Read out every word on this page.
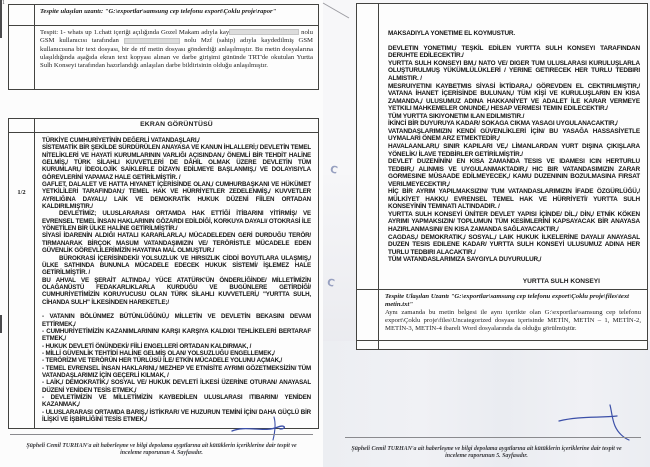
1
Tespite ulaşılan uzantı: "G:\exportlar\samsung cep telefonu export\Çoklu proje\rapor"
Tespit: 1- whats up 1.chatt içeriği açılığında Gozel Makam adıyla kay	nolu GSM kullanıcısı tarafından	nolu Mzf (sahip) adıyla kaydedilmiş GSM kullanıcısına bir text dosyası, bir de rtf metin dosyası gönderdiği anlaşılmıştır. Bu metin dosyalarına ulaşıldığında aşağıda ekran text kopyası alınan ve darbe girişimi gününde TRT'de okutulan Yurtta Sulh Konseyi tarafından hazırlandığı anlaşılan darbe bildirisinin olduğu anlaşılmıştır.
EKRAN GÖRÜNTÜSÜ
1/2
TÜRKİYE CUMHURİYETİNİN DEĞERLİ VATANDAŞLARI,/
SİSTEMATİK BİR ŞEKİLDE SÜRDÜRÜLEN ANAYASA VE KANUN İHLALLERİ;/ DEVLETİN TEMEL NİTELİKLERİ VE HAYATİ KURUMLARININ VARLIĞI AÇISINDAN,/ ÖNEMLİ BİR TEHDİT HALİNE GELMİŞ,/ TÜRK SİLAHLI KUVVETLERİ DE DÂHİL OLMAK ÜZERE DEVLETİN TÜM KURUMLARI,/ İDEOLOJİK SAİKLERLE DİZAYN EDİLMEYE BAŞLANMIŞ,/ VE DOLAYISIYLA GÖREVLERİNİ YAPAMAZ HALE GETİRİLMİŞTİR. /
GAFLET, DALALET VE HATTA HIYANET İÇERİSİNDE OLAN,/ CUMHURBAŞKANI VE HÜKÜMET YETKİLİLERİ TARAFINDAN;/ TEMEL HAK VE HÜRRİYETLER ZEDELENMİŞ,/ KUVVETLER AYRILIĞINA DAYALI,/ LAİK VE DEMOKRATİK HUKUK DÜZENİ FİİLEN ORTADAN KALDIRILMIŞTIR./
DEVLETİMİZ; ULUSLARARASI ORTAMDA HAK ETTİĞİ İTİBARINI YİTİRMİŞ/ VE EVRENSEL TEMEL İNSAN HAKLARININ GÖZARDI EDİLDİĞİ, KORKUYA DAYALI/ OTOKRASİ İLE YÖNETİLEN BİR ÜLKE HALİNE GETİRİLMİŞTİR./
SİYASİ İDARENİN ALDIĞI HATALI KARARLARLA,/ MÜCADELEDEN GERİ DURDUĞU TERÖR/ TIRMANARAK BİRÇOK MASUM VATANDAŞIMIZIN VE/ TERÖRİSTLE MÜCADELE EDEN GÜVENLİK GÖREVLİLERİMİZİN HAYATINA MAL OLMUŞTUR./
BÜROKRASİ İÇERİSİNDEKİ/ YOLSUZLUK VE HIRSIZLIK CİDDİ BOYUTLARA ULAŞMIŞ,/ ÜLKE SATHINDA BUNUNLA MÜCADELE EDECEK HUKUK SİSTEMİ/ İŞLEMEZ HALE GETİRİLMİŞTİR. /
BU AHVAL VE ŞERAİT ALTINDA,/ YÜCE ATATÜRK'ÜN ÖNDERLİĞİNDE/ MİLLETİMİZİN OLAĞANÜSTÜ FEDAKARLIKLARLA KURDUĞU VE BUGÜNLERE GETİRDİĞİ/ CUMHURİYETİMİZİN KORUYUCUSU OLAN TÜRK SİLAHLI KUVVETLERİ,/ "YURTTA SULH, CİHANDA SULH" İLKESİNDEN HAREKETLE;/
- VATANIN BÖLÜNMEZ BÜTÜNLÜĞÜNÜ,/ MİLLETİN VE DEVLETİN BEKASINI DEVAM ETTİRMEK,/
- CUMHURİYETİMİZİN KAZANIMLARININ/ KARŞI KARŞIYA KALDIGI TEHLİKELERİ BERTARAF ETMEK,/
- HUKUK DEVLETİ ÖNÜNDEKİ/ FİİLİ ENGELLERİ ORTADAN KALDIRMAK, /
- MİLLİ GÜVENLİK TEHTİDİ HALİNE GELMİŞ OLAN/ YOLSUZLUĞU ENGELLEMEK,/
- TERÖRİZM VE TERÖRÜN HER TÜRLÜSÜ İLE/ ETKİN MÜCADELE YOLUNU AÇMAK,/
- TEMEL EVRENSEL İNSAN HAKLARINI,/ MEZHEP VE ETNİSİTE AYRIMI GÖZETMEKSİZİN/ TÜM VATANDAŞLARIMIZ İÇİN GEÇERLİ KILMAK, /
- LAİK,/ DEMOKRATİK,/ SOSYAL VE/ HUKUK DEVLETİ İLKESİ ÜZERİNE OTURAN/ ANAYASAL DÜZENİ YENİDEN TESİS ETMEK,/
- DEVLETİMİZİN VE MİLLETİMİZİN KAYBEDİLEN ULUSLARASI ITIBARINI/ YENİDEN KAZANMAK,/
- ULUSLARARASI ORTAMDA BARIŞ,/ İSTİKRAR/ VE HUZURUN TEMİNİ İÇİN/ DAHA GÜÇLÜ BİR İLİŞKİ VE İŞBİRLİĞİNİ TESİS ETMEK,/
Şüpheli Cemil TURHAN'a ait haberleşme ve bilgi depolama aygıtlarına ait kütüklerin içeriklerine dair tespit ve
inceleme raporunun 4. Sayfasıdır.
C
C
MAKSADIYLA YONETIME EL KOYMUSTUR.
DEVLETIN YONETIMI,/ TEŞKİL EDİLEN YURTTA SULH KONSEYI TARAFINDAN DERUHTE EDİLECEKTİR./
YURTTA SULH KONSEYI BM,/ NATO VE/ DIGER TUM ULUSLARASI KURULUŞLARLA OLUŞTURULMUŞ YÜKÜMLÜLÜKLERİ / YERINE GETIRECEK HER TURLU TEDBIRI ALMISTIR. /
MESRUIYETINI KAYBETMIS SİYASİ İKTİDARA,/ GÖREVDEN EL CEKTIRILMIŞTIR,/ VATANA İHANET İÇERİSİNDE BULUNAN,/ TÜM KİŞİ VE KURULUŞLARIN EN KISA ZAMANDA,/ ULUSUMUZ ADINA HAKKANİYET VE ADALET İLE KARAR VERMEYE YETKILI MAHKEMELER ONUNDE,/ HESAP VERMESI TEMIN EDILECEKTIR./
TÜM YURTTA SIKIYONETIM ILAN EDILMISTIR./
İKİNCİ BİR DUYURUYA KADAR/ SOKAGA CIKMA YASAGI UYGULANACAKTIR,/
VATANDAŞLARIMIZIN KENDİ GÜVENLİKLERİ İÇİN/ BU YASAĞA HASSASİYETLE UYMALARI ÖNEM ARZ ETMEKTEDİR,/
HAVALAANLARI,/ SINIR KAPILARI VE,/ LİMANLARDAN YURT DIŞINA ÇIKIŞLARA YÖNELİK/ İLAVE TEDBİRLER GETİRİLMİŞTİR./
DEVLET DUZENİNİN/ EN KISA ZAMANDA TESIS VE IDAMESI ICIN HERTURLU TEDBIR,/ ALINMIS VE UYGULANMAKTADIR,/ HIC BIR VATANDASIMIZIN ZARAR GORMESINE MÜSAADE EDİLMEYECEK,/ KAMU DUZENININ BOZULMASINA FIRSAT VERILMEYECEKTIR,/
HİÇ BİR AYRIM YAPILMAKSIZIN/ TUM VATANDASLARIMIZIN İFADE ÖZGÜRLÜĞÜ,/ MÜLKİYET HAKKI,/ EVRENSEL TEMEL HAK VE HÜRRİYETİ/ YURTTA SULH KONSEYİNİN TEMINATI ALTINDADIR. /
YURTTA SULH KONSEYİ ÜNİTER DEVLET YAPISI İÇİNDE/ DİL,/ DİN,/ ETNİK KÖKEN AYRIMI YAPMAKSIZIN/ TOPLUMUN TÜM KESİMLERİNİ KAPSAYACAK BİR ANAYASA HAZIRLANMASINI/ EN KISA ZAMANDA SAĞLAYACAKTIR,/
CAGDAS,/ DEMOKRATIK,/ SOSYAL,/ LAIK HUKUK İLKELERİNE DAYALI/ ANAYASAL DUZEN TESIS EDILENE KADAR/ YURTTA SULH KONSEYİ ULUSUMUZ ADINA HER TURLU TEDBIRI ALACAKTIR./
TÜM VATANDASLARIMIZA SAYGIYLA DUYURULUR,/
YURTTA SULH KONSEYI
Tespite Ulaşılan Uzantı "G:\exportlar\samsung cep telefonu export\Çoklu proje\files\text metin.txt"
Aynı zamanda bu metin belgesi ile aynı içerikte olan G:\exportlar\samsung cep telefonu export\Çoklu proje\files\Uncategorized dosyası içerisinde METİN, METİN – 1, METİN-2, METİN-3, METİN-4 ibareli Word dosyalarında da olduğu görülmüştür.
Şüpheli Cemil TURHAN'a ait haberleşme ve bilgi depolama aygıtlarına ait kütüklerin içeriklerine dair tespit ve
inceleme raporunun 5. Sayfasıdır.
